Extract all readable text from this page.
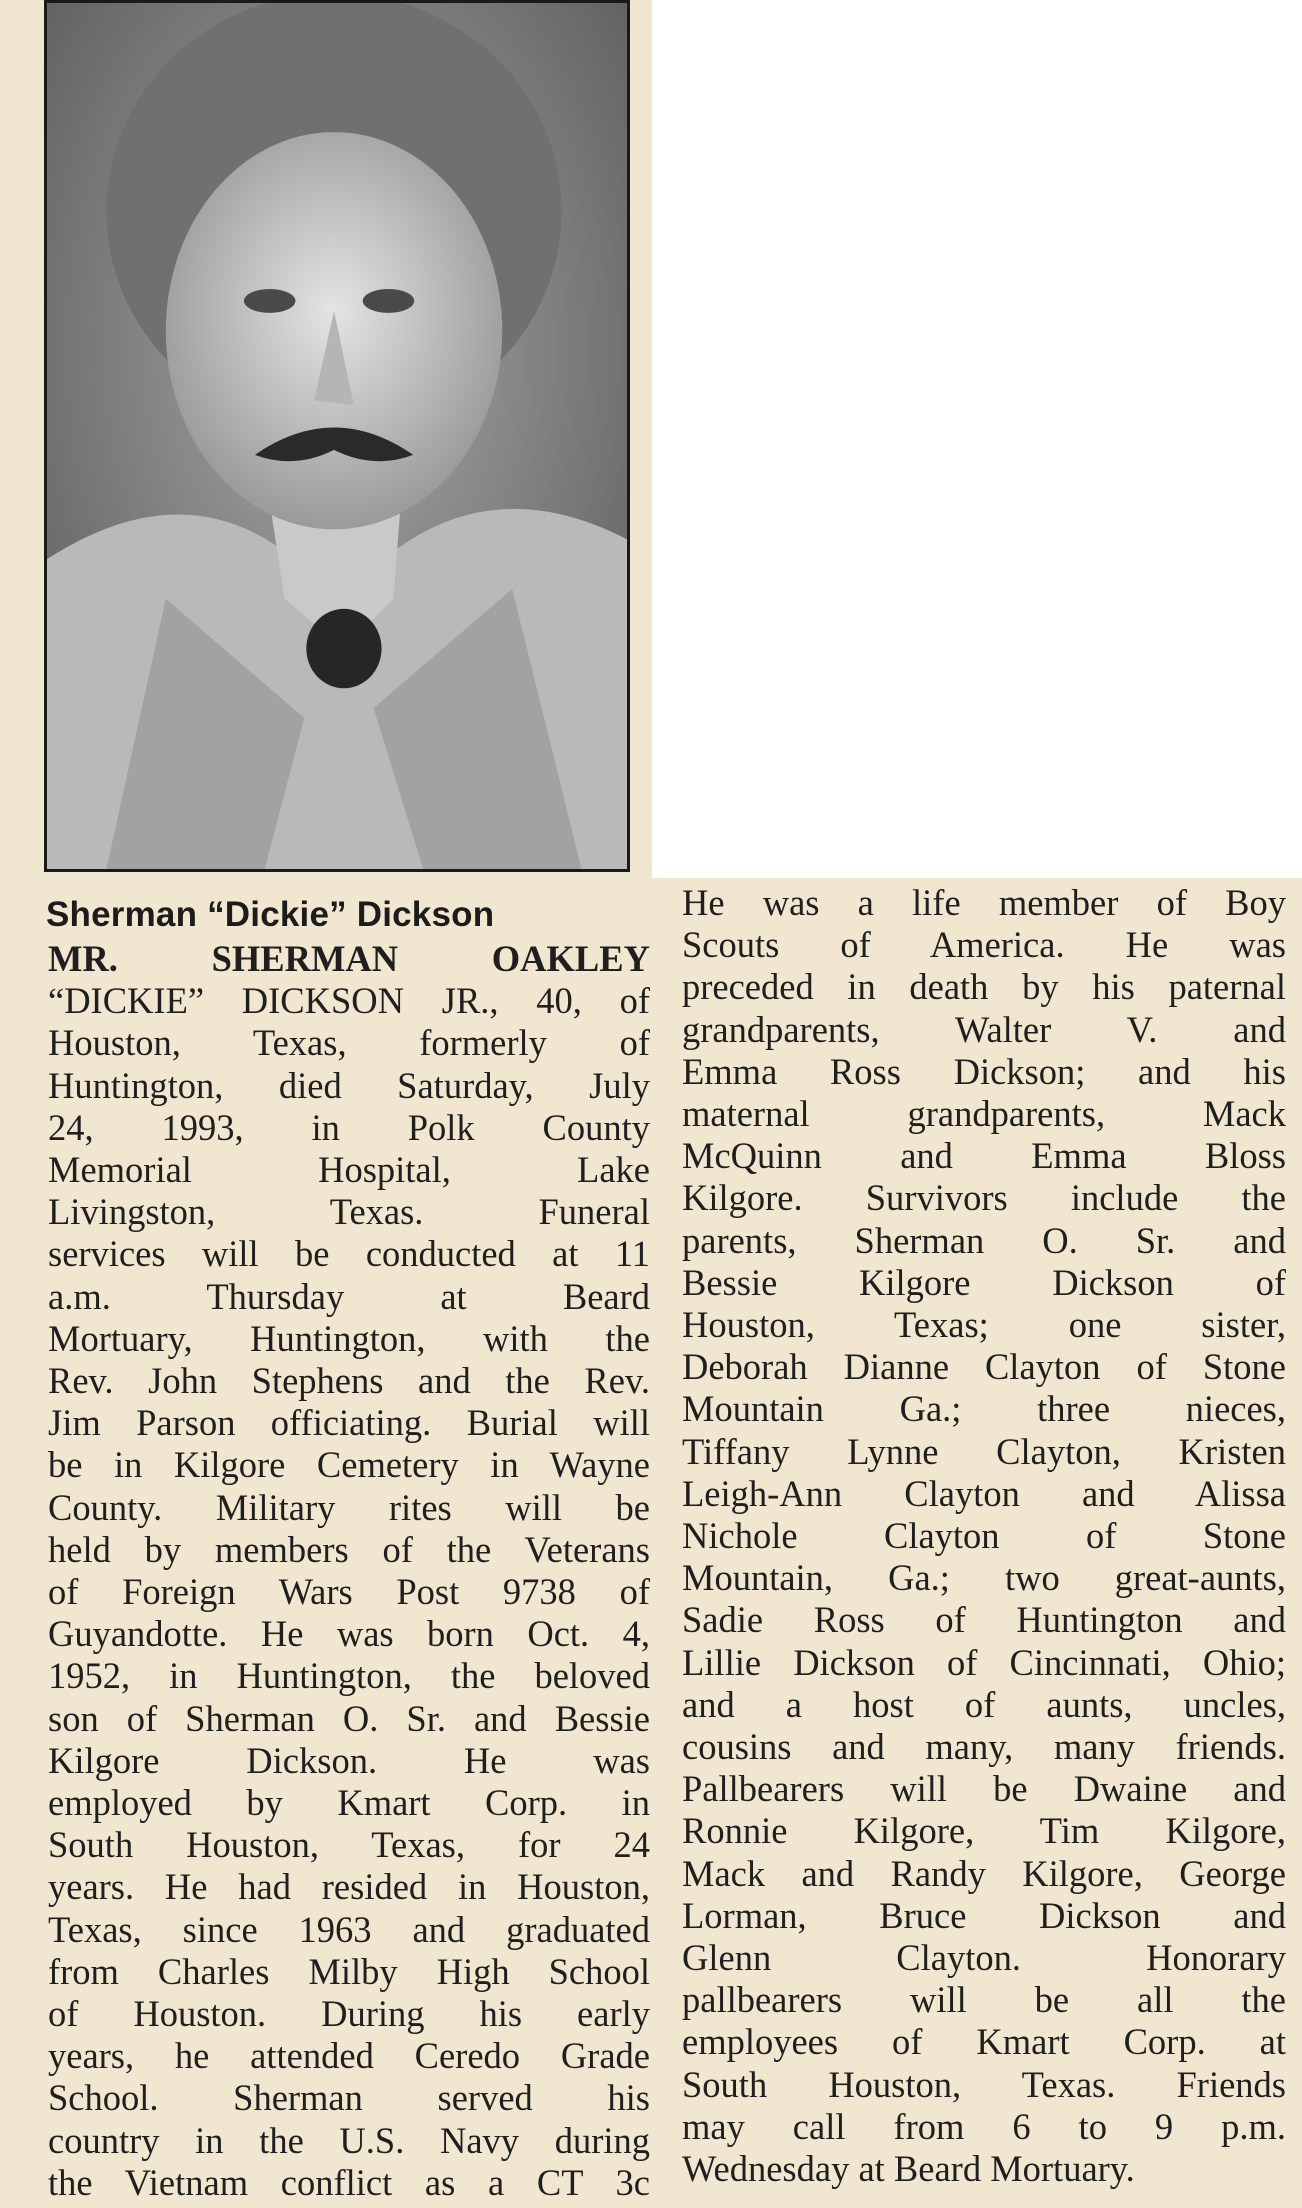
Sherman “Dickie” Dickson
MR. SHERMAN OAKLEY
“DICKIE” DICKSON JR., 40, of
Houston, Texas, formerly of
Huntington, died Saturday, July
24, 1993, in Polk County
Memorial Hospital, Lake
Livingston, Texas. Funeral
services will be conducted at 11
a.m. Thursday at Beard
Mortuary, Huntington, with the
Rev. John Stephens and the Rev.
Jim Parson officiating. Burial will
be in Kilgore Cemetery in Wayne
County. Military rites will be
held by members of the Veterans
of Foreign Wars Post 9738 of
Guyandotte. He was born Oct. 4,
1952, in Huntington, the beloved
son of Sherman O. Sr. and Bessie
Kilgore Dickson. He was
employed by Kmart Corp. in
South Houston, Texas, for 24
years. He had resided in Houston,
Texas, since 1963 and graduated
from Charles Milby High School
of Houston. During his early
years, he attended Ceredo Grade
School. Sherman served his
country in the U.S. Navy during
the Vietnam conflict as a CT 3c
He was a life member of Boy
Scouts of America. He was
preceded in death by his paternal
grandparents, Walter V. and
Emma Ross Dickson; and his
maternal grandparents, Mack
McQuinn and Emma Bloss
Kilgore. Survivors include the
parents, Sherman O. Sr. and
Bessie Kilgore Dickson of
Houston, Texas; one sister,
Deborah Dianne Clayton of Stone
Mountain Ga.; three nieces,
Tiffany Lynne Clayton, Kristen
Leigh-Ann Clayton and Alissa
Nichole Clayton of Stone
Mountain, Ga.; two great-aunts,
Sadie Ross of Huntington and
Lillie Dickson of Cincinnati, Ohio;
and a host of aunts, uncles,
cousins and many, many friends.
Pallbearers will be Dwaine and
Ronnie Kilgore, Tim Kilgore,
Mack and Randy Kilgore, George
Lorman, Bruce Dickson and
Glenn Clayton. Honorary
pallbearers will be all the
employees of Kmart Corp. at
South Houston, Texas. Friends
may call from 6 to 9 p.m.
Wednesday at Beard Mortuary.
